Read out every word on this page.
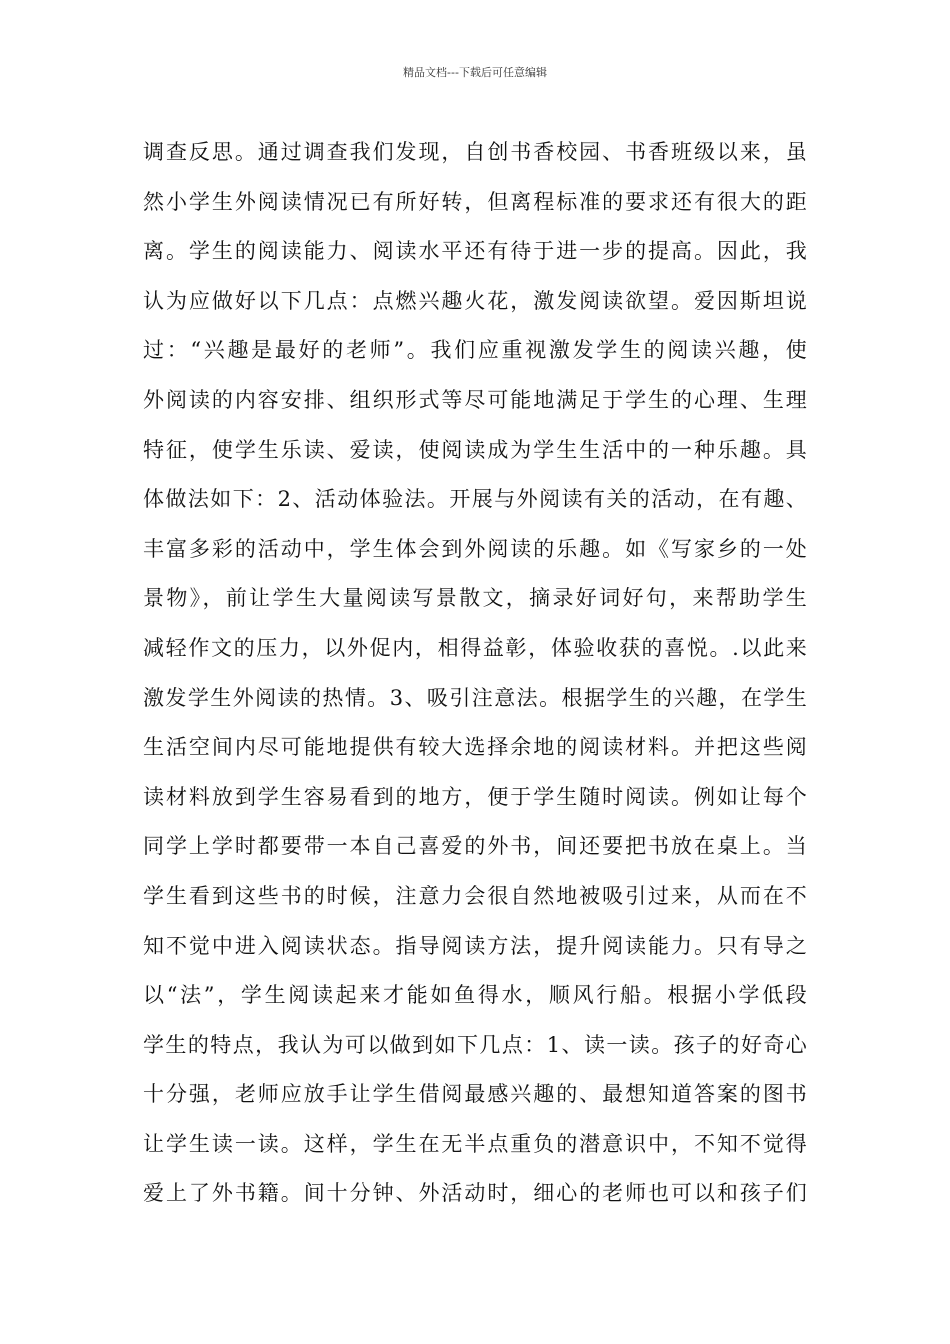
精品文档---下载后可任意编辑
调查反思。通过调查我们发现，自创书香校园、书香班级以来，虽
然小学生外阅读情况已有所好转，但离程标准的要求还有很大的距
离。学生的阅读能力、阅读水平还有待于进一步的提高。因此，我
认为应做好以下几点：点燃兴趣火花，激发阅读欲望。爱因斯坦说
过：“兴趣是最好的老师”。我们应重视激发学生的阅读兴趣，使
外阅读的内容安排、组织形式等尽可能地满足于学生的心理、生理
特征，使学生乐读、爱读，使阅读成为学生生活中的一种乐趣。具
体做法如下：2、活动体验法。开展与外阅读有关的活动，在有趣、
丰富多彩的活动中，学生体会到外阅读的乐趣。如《写家乡的一处
景物》，前让学生大量阅读写景散文，摘录好词好句，来帮助学生
减轻作文的压力，以外促内，相得益彰，体验收获的喜悦。.以此来
激发学生外阅读的热情。3、吸引注意法。根据学生的兴趣，在学生
生活空间内尽可能地提供有较大选择余地的阅读材料。并把这些阅
读材料放到学生容易看到的地方，便于学生随时阅读。例如让每个
同学上学时都要带一本自己喜爱的外书，间还要把书放在桌上。当
学生看到这些书的时候，注意力会很自然地被吸引过来，从而在不
知不觉中进入阅读状态。指导阅读方法，提升阅读能力。只有导之
以“法”，学生阅读起来才能如鱼得水，顺风行船。根据小学低段
学生的特点，我认为可以做到如下几点：1、读一读。孩子的好奇心
十分强，老师应放手让学生借阅最感兴趣的、最想知道答案的图书
让学生读一读。这样，学生在无半点重负的潜意识中，不知不觉得
爱上了外书籍。间十分钟、外活动时，细心的老师也可以和孩子们
